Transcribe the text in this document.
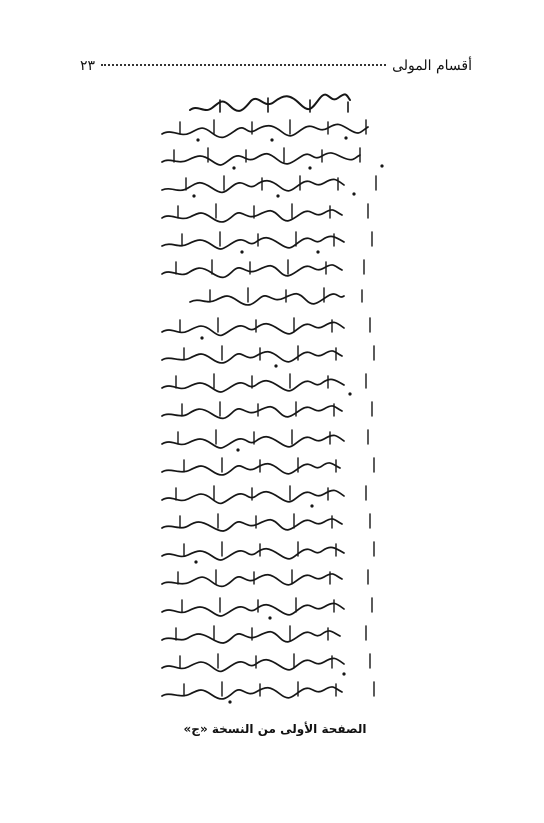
أقسام المولى
٢٣
الصفحة الأولى من النسخة «ج»
